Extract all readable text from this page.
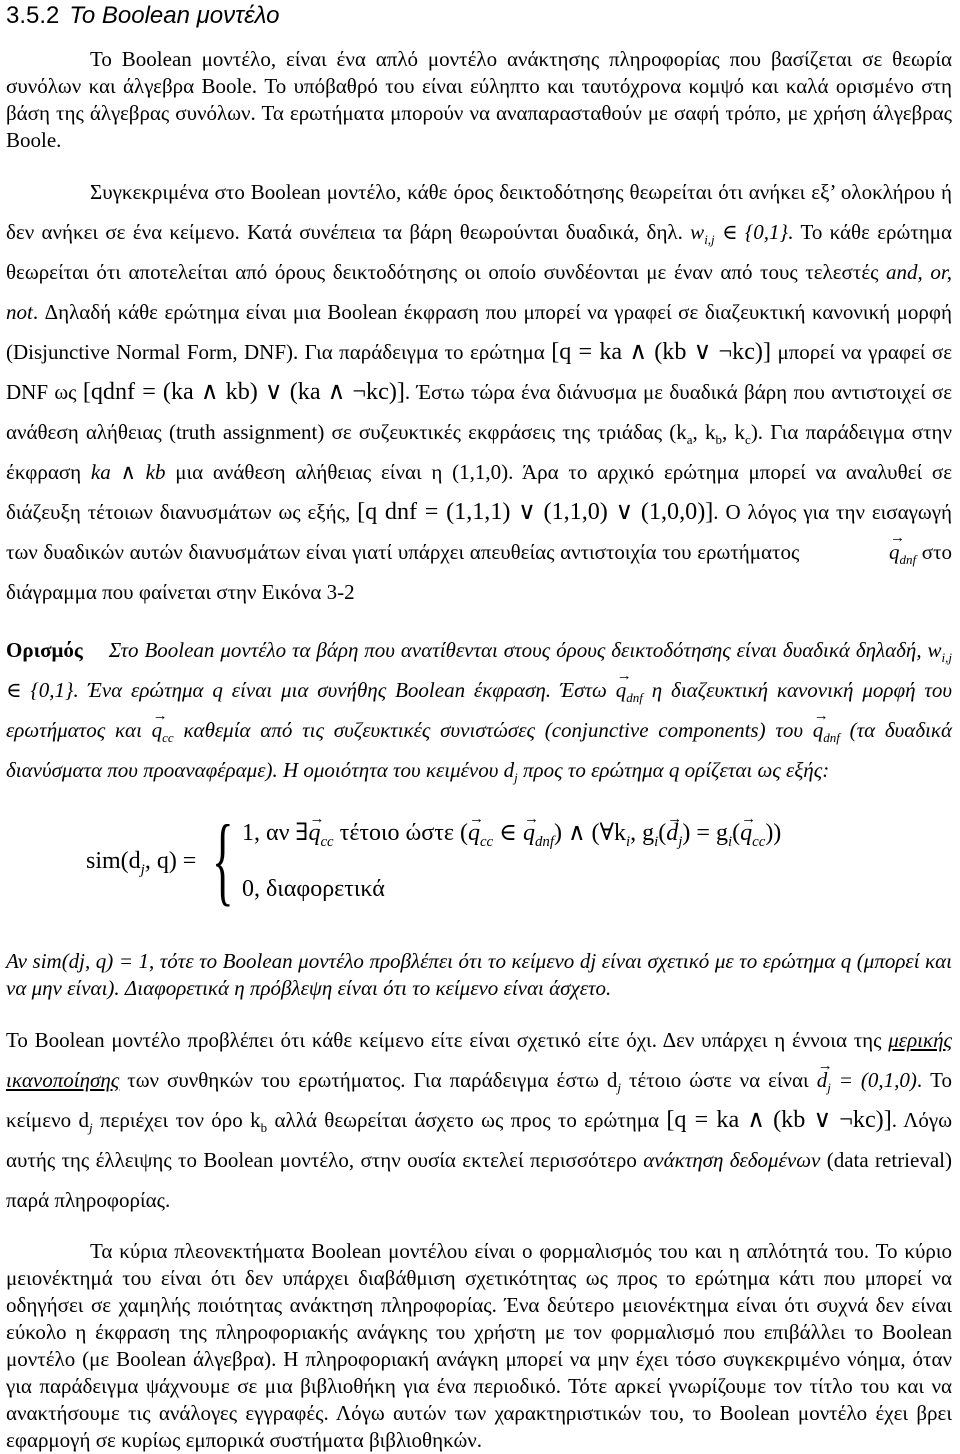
3.5.2 Το Boolean μοντέλο

Το Boolean μοντέλο, είναι ένα απλό μοντέλο ανάκτησης πληροφορίας που βασίζεται σε θεωρία συνόλων και άλγεβρα Boole. Το υπόβαθρό του είναι εύληπτο και ταυτόχρονα κομψό και καλά ορισμένο στη βάση της άλγεβρας συνόλων. Τα ερωτήματα μπορούν να αναπαρασταθούν με σαφή τρόπο, με χρήση άλγεβρας Boole.

Συγκεκριμένα στο Boolean μοντέλο, κάθε όρος δεικτοδότησης θεωρείται ότι ανήκει εξ’ ολοκλήρου ή δεν ανήκει σε ένα κείμενο. Κατά συνέπεια τα βάρη θεωρούνται δυαδικά, δηλ. $w_{i,j}$ ∈ {0,1}. Το κάθε ερώτημα θεωρείται ότι αποτελείται από όρους δεικτοδότησης οι οποίο συνδέονται με έναν από τους τελεστές and, or, not. Δηλαδή κάθε ερώτημα είναι μια Boolean έκφραση που μπορεί να γραφεί σε διαζευκτική κανονική μορφή (Disjunctive Normal Form, DNF). Για παράδειγμα το ερώτημα [q = ka ∧ (kb ∨ ¬kc)] μπορεί να γραφεί σε DNF ως [qdnf = (ka ∧ kb) ∨ (ka ∧ ¬kc)]. Έστω τώρα ένα διάνυσμα με δυαδικά βάρη που αντιστοιχεί σε ανάθεση αλήθειας (truth assignment) σε συζευκτικές εκφράσεις της τριάδας ($k_a$, $k_b$, $k_c$). Για παράδειγμα στην έκφραση ka ∧ kb μια ανάθεση αλήθειας είναι η (1,1,0). Άρα το αρχικό ερώτημα μπορεί να αναλυθεί σε διάζευξη τέτοιων διανυσμάτων ως εξής, [q dnf = (1,1,1) ∨ (1,1,0) ∨ (1,0,0)]. Ο λόγος για την εισαγωγή των δυαδικών αυτών διανυσμάτων είναι γιατί υπάρχει απευθείας αντιστοιχία του ερωτήματος	→ $q_{dnf}$ στο διάγραμμα που φαίνεται στην Εικόνα 3-2

Ορισμός Στο Boolean μοντέλο τα βάρη που ανατίθενται στους όρους δεικτοδότησης είναι δυαδικά δηλαδή, $w_{i,j}$ ∈ {0,1}. Ένα ερώτημα q είναι μια συνήθης Boolean έκφραση. $Έ\sigma\tau\omega \to q_{dnf}$ η διαζευκτική κανονική μορφή του ερωτήματος $\kappa\alpha\iota \to q_{cc}$ καθεμία από τις συζευκτικές συνιστώσες (conjunctive components) $\tau o\upsilon \to q_{dnf}$ (τα δυαδικά διανύσματα που προαναφέραμε). Η ομοιότητα του κειμένου $d_j$ προς το ερώτημα q ορίζεται ως εξής:

$sim(d_j$, q) = { 1, αν ∃→ $q_{cc}$ τέτοιο ώστε (→ $q_{cc}$ ∈ → $q_{dnf}$) ∧ ($\forall k_i$, $g_i(\to d_j) = g_i(\to q_{cc})$)
0, διαφορετικά

Αν sim(dj, q) = 1, τότε το Boolean μοντέλο προβλέπει ότι το κείμενο dj είναι σχετικό με το ερώτημα q (μπορεί και να μην είναι). Διαφορετικά η πρόβλεψη είναι ότι το κείμενο είναι άσχετο.

Το Boolean μοντέλο προβλέπει ότι κάθε κείμενο είτε είναι σχετικό είτε όχι. Δεν υπάρχει η έννοια της μερικής ικανοποίησης των συνθηκών του ερωτήματος. Για παράδειγμα έστω $d_j$ τέτοιο ώστε να $\varepsilon ί\nu\alpha\iota \to d_j = (0,1,0)$. Το κείμενο $d_j$ περιέχει τον όρο $k_b$ αλλά θεωρείται άσχετο ως προς το ερώτημα [q = ka ∧ (kb ∨ ¬kc)]. Λόγω αυτής της έλλειψης το Boolean μοντέλο, στην ουσία εκτελεί περισσότερο ανάκτηση δεδομένων (data retrieval) παρά πληροφορίας.

Τα κύρια πλεονεκτήματα Boolean μοντέλου είναι ο φορμαλισμός του και η απλότητά του. Το κύριο μειονέκτημά του είναι ότι δεν υπάρχει διαβάθμιση σχετικότητας ως προς το ερώτημα κάτι που μπορεί να οδηγήσει σε χαμηλής ποιότητας ανάκτηση πληροφορίας. Ένα δεύτερο μειονέκτημα είναι ότι συχνά δεν είναι εύκολο η έκφραση της πληροφοριακής ανάγκης του χρήστη με τον φορμαλισμό που επιβάλλει το Boolean μοντέλο (με Boolean άλγεβρα). Η πληροφοριακή ανάγκη μπορεί να μην έχει τόσο συγκεκριμένο νόημα, όταν για παράδειγμα ψάχνουμε σε μια βιβλιοθήκη για ένα περιοδικό. Τότε αρκεί γνωρίζουμε τον τίτλο του και να ανακτήσουμε τις ανάλογες εγγραφές. Λόγω αυτών των χαρακτηριστικών του, το Boolean μοντέλο έχει βρει εφαρμογή σε κυρίως εμπορικά συστήματα βιβλιοθηκών.
